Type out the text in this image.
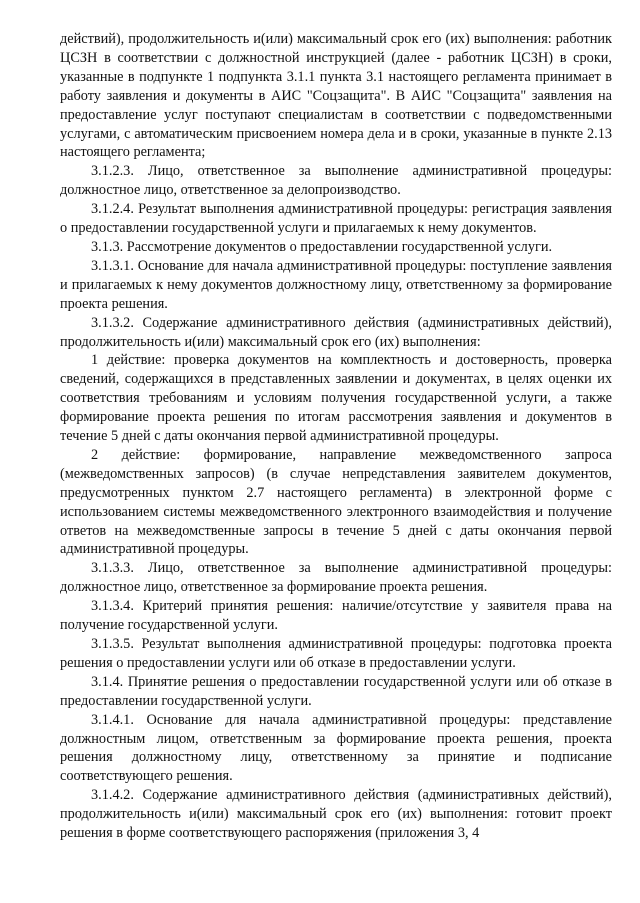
действий), продолжительность и(или) максимальный срок его (их) выполнения: работник ЦСЗН в соответствии с должностной инструкцией (далее - работник ЦСЗН) в сроки, указанные в подпункте 1 подпункта 3.1.1 пункта 3.1 настоящего регламента принимает в работу заявления и документы в АИС "Соцзащита". В АИС "Соцзащита" заявления на предоставление услуг поступают специалистам в соответствии с подведомственными услугами, с автоматическим присвоением номера дела и в сроки, указанные в пункте 2.13 настоящего регламента;

3.1.2.3. Лицо, ответственное за выполнение административной процедуры: должностное лицо, ответственное за делопроизводство.

3.1.2.4. Результат выполнения административной процедуры: регистрация заявления о предоставлении государственной услуги и прилагаемых к нему документов.

3.1.3. Рассмотрение документов о предоставлении государственной услуги.

3.1.3.1. Основание для начала административной процедуры: поступление заявления и прилагаемых к нему документов должностному лицу, ответственному за формирование проекта решения.

3.1.3.2. Содержание административного действия (административных действий), продолжительность и(или) максимальный срок его (их) выполнения:

1 действие: проверка документов на комплектность и достоверность, проверка сведений, содержащихся в представленных заявлении и документах, в целях оценки их соответствия требованиям и условиям получения государственной услуги, а также формирование проекта решения по итогам рассмотрения заявления и документов в течение 5 дней с даты окончания первой административной процедуры.

2 действие: формирование, направление межведомственного запроса (межведомственных запросов) (в случае непредставления заявителем документов, предусмотренных пунктом 2.7 настоящего регламента) в электронной форме с использованием системы межведомственного электронного взаимодействия и получение ответов на межведомственные запросы в течение 5 дней с даты окончания первой административной процедуры.

3.1.3.3. Лицо, ответственное за выполнение административной процедуры: должностное лицо, ответственное за формирование проекта решения.

3.1.3.4. Критерий принятия решения: наличие/отсутствие у заявителя права на получение государственной услуги.

3.1.3.5. Результат выполнения административной процедуры: подготовка проекта решения о предоставлении услуги или об отказе в предоставлении услуги.

3.1.4. Принятие решения о предоставлении государственной услуги или об отказе в предоставлении государственной услуги.

3.1.4.1. Основание для начала административной процедуры: представление должностным лицом, ответственным за формирование проекта решения, проекта решения должностному лицу, ответственному за принятие и подписание соответствующего решения.

3.1.4.2. Содержание административного действия (административных действий), продолжительность и(или) максимальный срок его (их) выполнения: готовит проект решения в форме соответствующего распоряжения (приложения 3, 4
